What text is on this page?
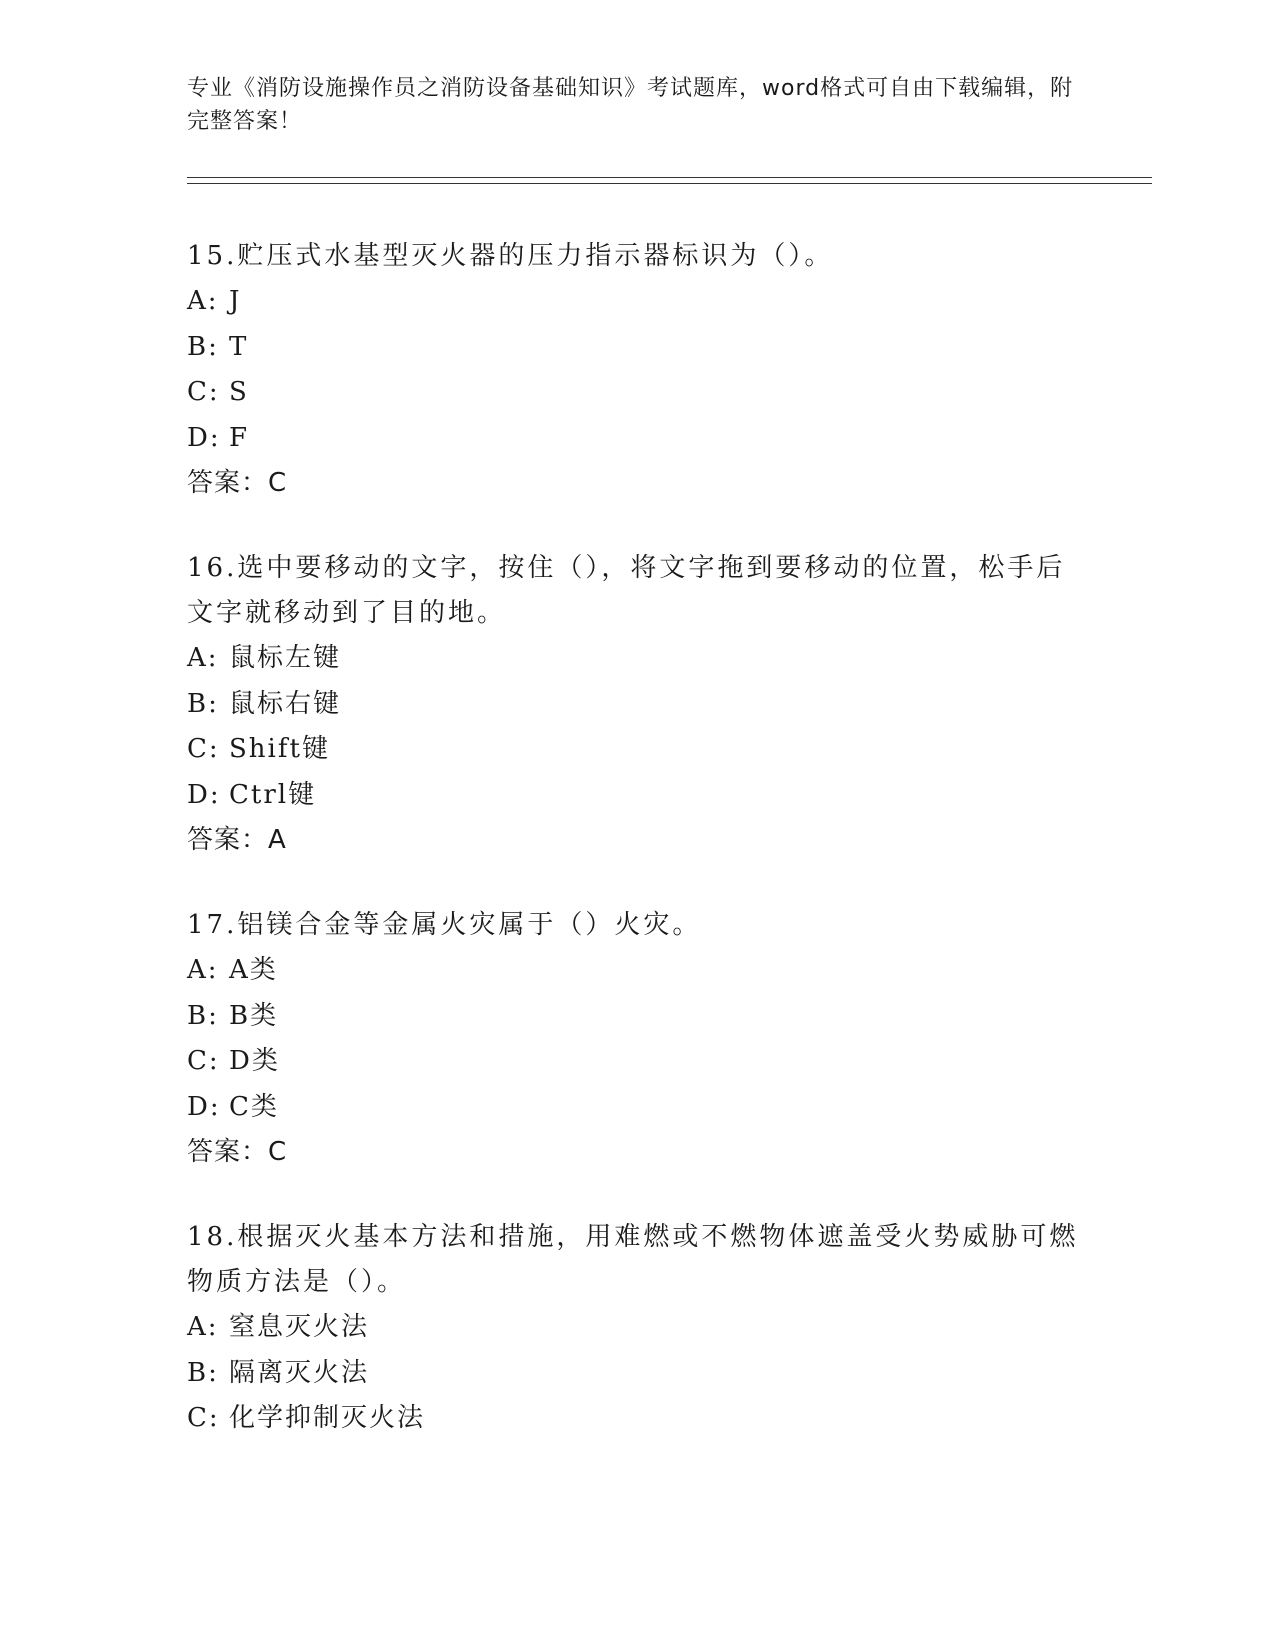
专业《消防设施操作员之消防设备基础知识》考试题库，word格式可自由下载编辑，附完整答案！

15.贮压式水基型灭火器的压力指示器标识为（）。

A: J

B: T

C: S

D: F

答案：C

16.选中要移动的文字，按住（），将文字拖到要移动的位置，松手后文字就移动到了目的地。

A: 鼠标左键

B: 鼠标右键

C: Shift键

D: Ctrl键

答案：A

17.铝镁合金等金属火灾属于（）火灾。

A: A类

B: B类

C: D类

D: C类

答案：C

18.根据灭火基本方法和措施，用难燃或不燃物体遮盖受火势威胁可燃物质方法是（）。

A: 窒息灭火法

B: 隔离灭火法

C: 化学抑制灭火法
